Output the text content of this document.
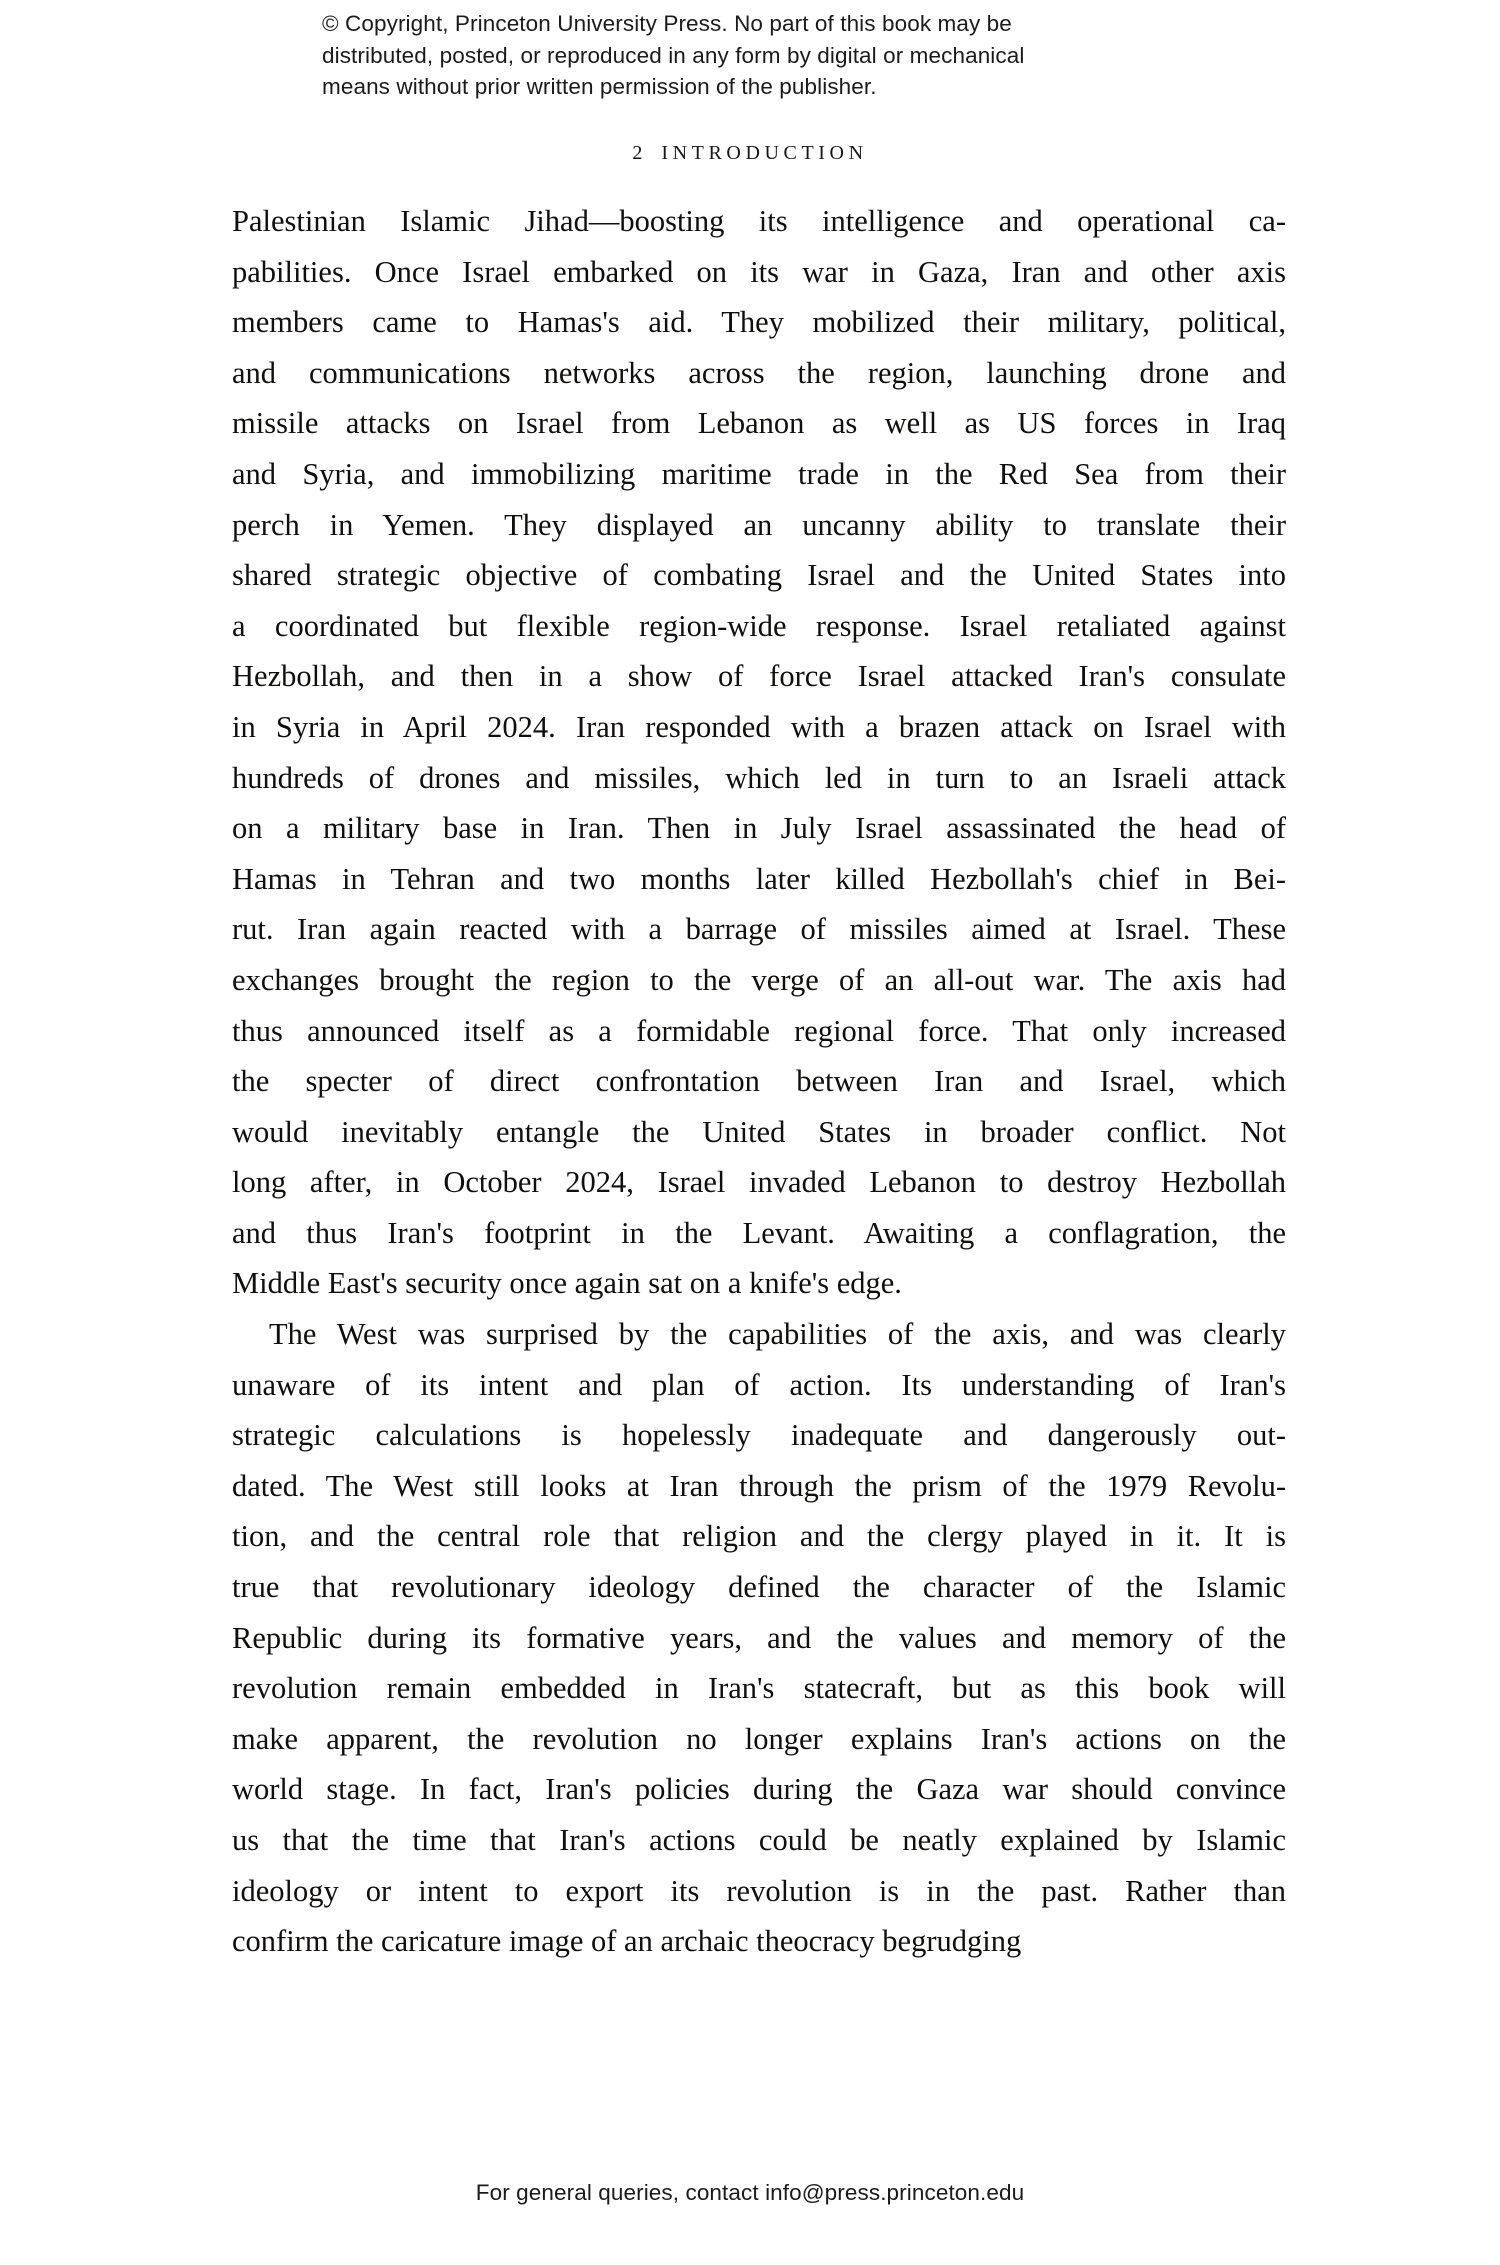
© Copyright, Princeton University Press. No part of this book may be
distributed, posted, or reproduced in any form by digital or mechanical
means without prior written permission of the publisher.
2 INTRODUCTION
Palestinian Islamic Jihad—boosting its intelligence and operational ca-
pabilities. Once Israel embarked on its war in Gaza, Iran and other axis
members came to Hamas's aid. They mobilized their military, political,
and communications networks across the region, launching drone and
missile attacks on Israel from Lebanon as well as US forces in Iraq
and Syria, and immobilizing maritime trade in the Red Sea from their
perch in Yemen. They displayed an uncanny ability to translate their
shared strategic objective of combating Israel and the United States into
a coordinated but flexible region-wide response. Israel retaliated against
Hezbollah, and then in a show of force Israel attacked Iran's consulate
in Syria in April 2024. Iran responded with a brazen attack on Israel with
hundreds of drones and missiles, which led in turn to an Israeli attack
on a military base in Iran. Then in July Israel assassinated the head of
Hamas in Tehran and two months later killed Hezbollah's chief in Bei-
rut. Iran again reacted with a barrage of missiles aimed at Israel. These
exchanges brought the region to the verge of an all-out war. The axis had
thus announced itself as a formidable regional force. That only increased
the specter of direct confrontation between Iran and Israel, which
would inevitably entangle the United States in broader conflict. Not
long after, in October 2024, Israel invaded Lebanon to destroy Hezbollah
and thus Iran's footprint in the Levant. Awaiting a conflagration, the
Middle East's security once again sat on a knife's edge.
The West was surprised by the capabilities of the axis, and was clearly
unaware of its intent and plan of action. Its understanding of Iran's
strategic calculations is hopelessly inadequate and dangerously out-
dated. The West still looks at Iran through the prism of the 1979 Revolu-
tion, and the central role that religion and the clergy played in it. It is
true that revolutionary ideology defined the character of the Islamic
Republic during its formative years, and the values and memory of the
revolution remain embedded in Iran's statecraft, but as this book will
make apparent, the revolution no longer explains Iran's actions on the
world stage. In fact, Iran's policies during the Gaza war should convince
us that the time that Iran's actions could be neatly explained by Islamic
ideology or intent to export its revolution is in the past. Rather than
confirm the caricature image of an archaic theocracy begrudging
For general queries, contact info@press.princeton.edu
